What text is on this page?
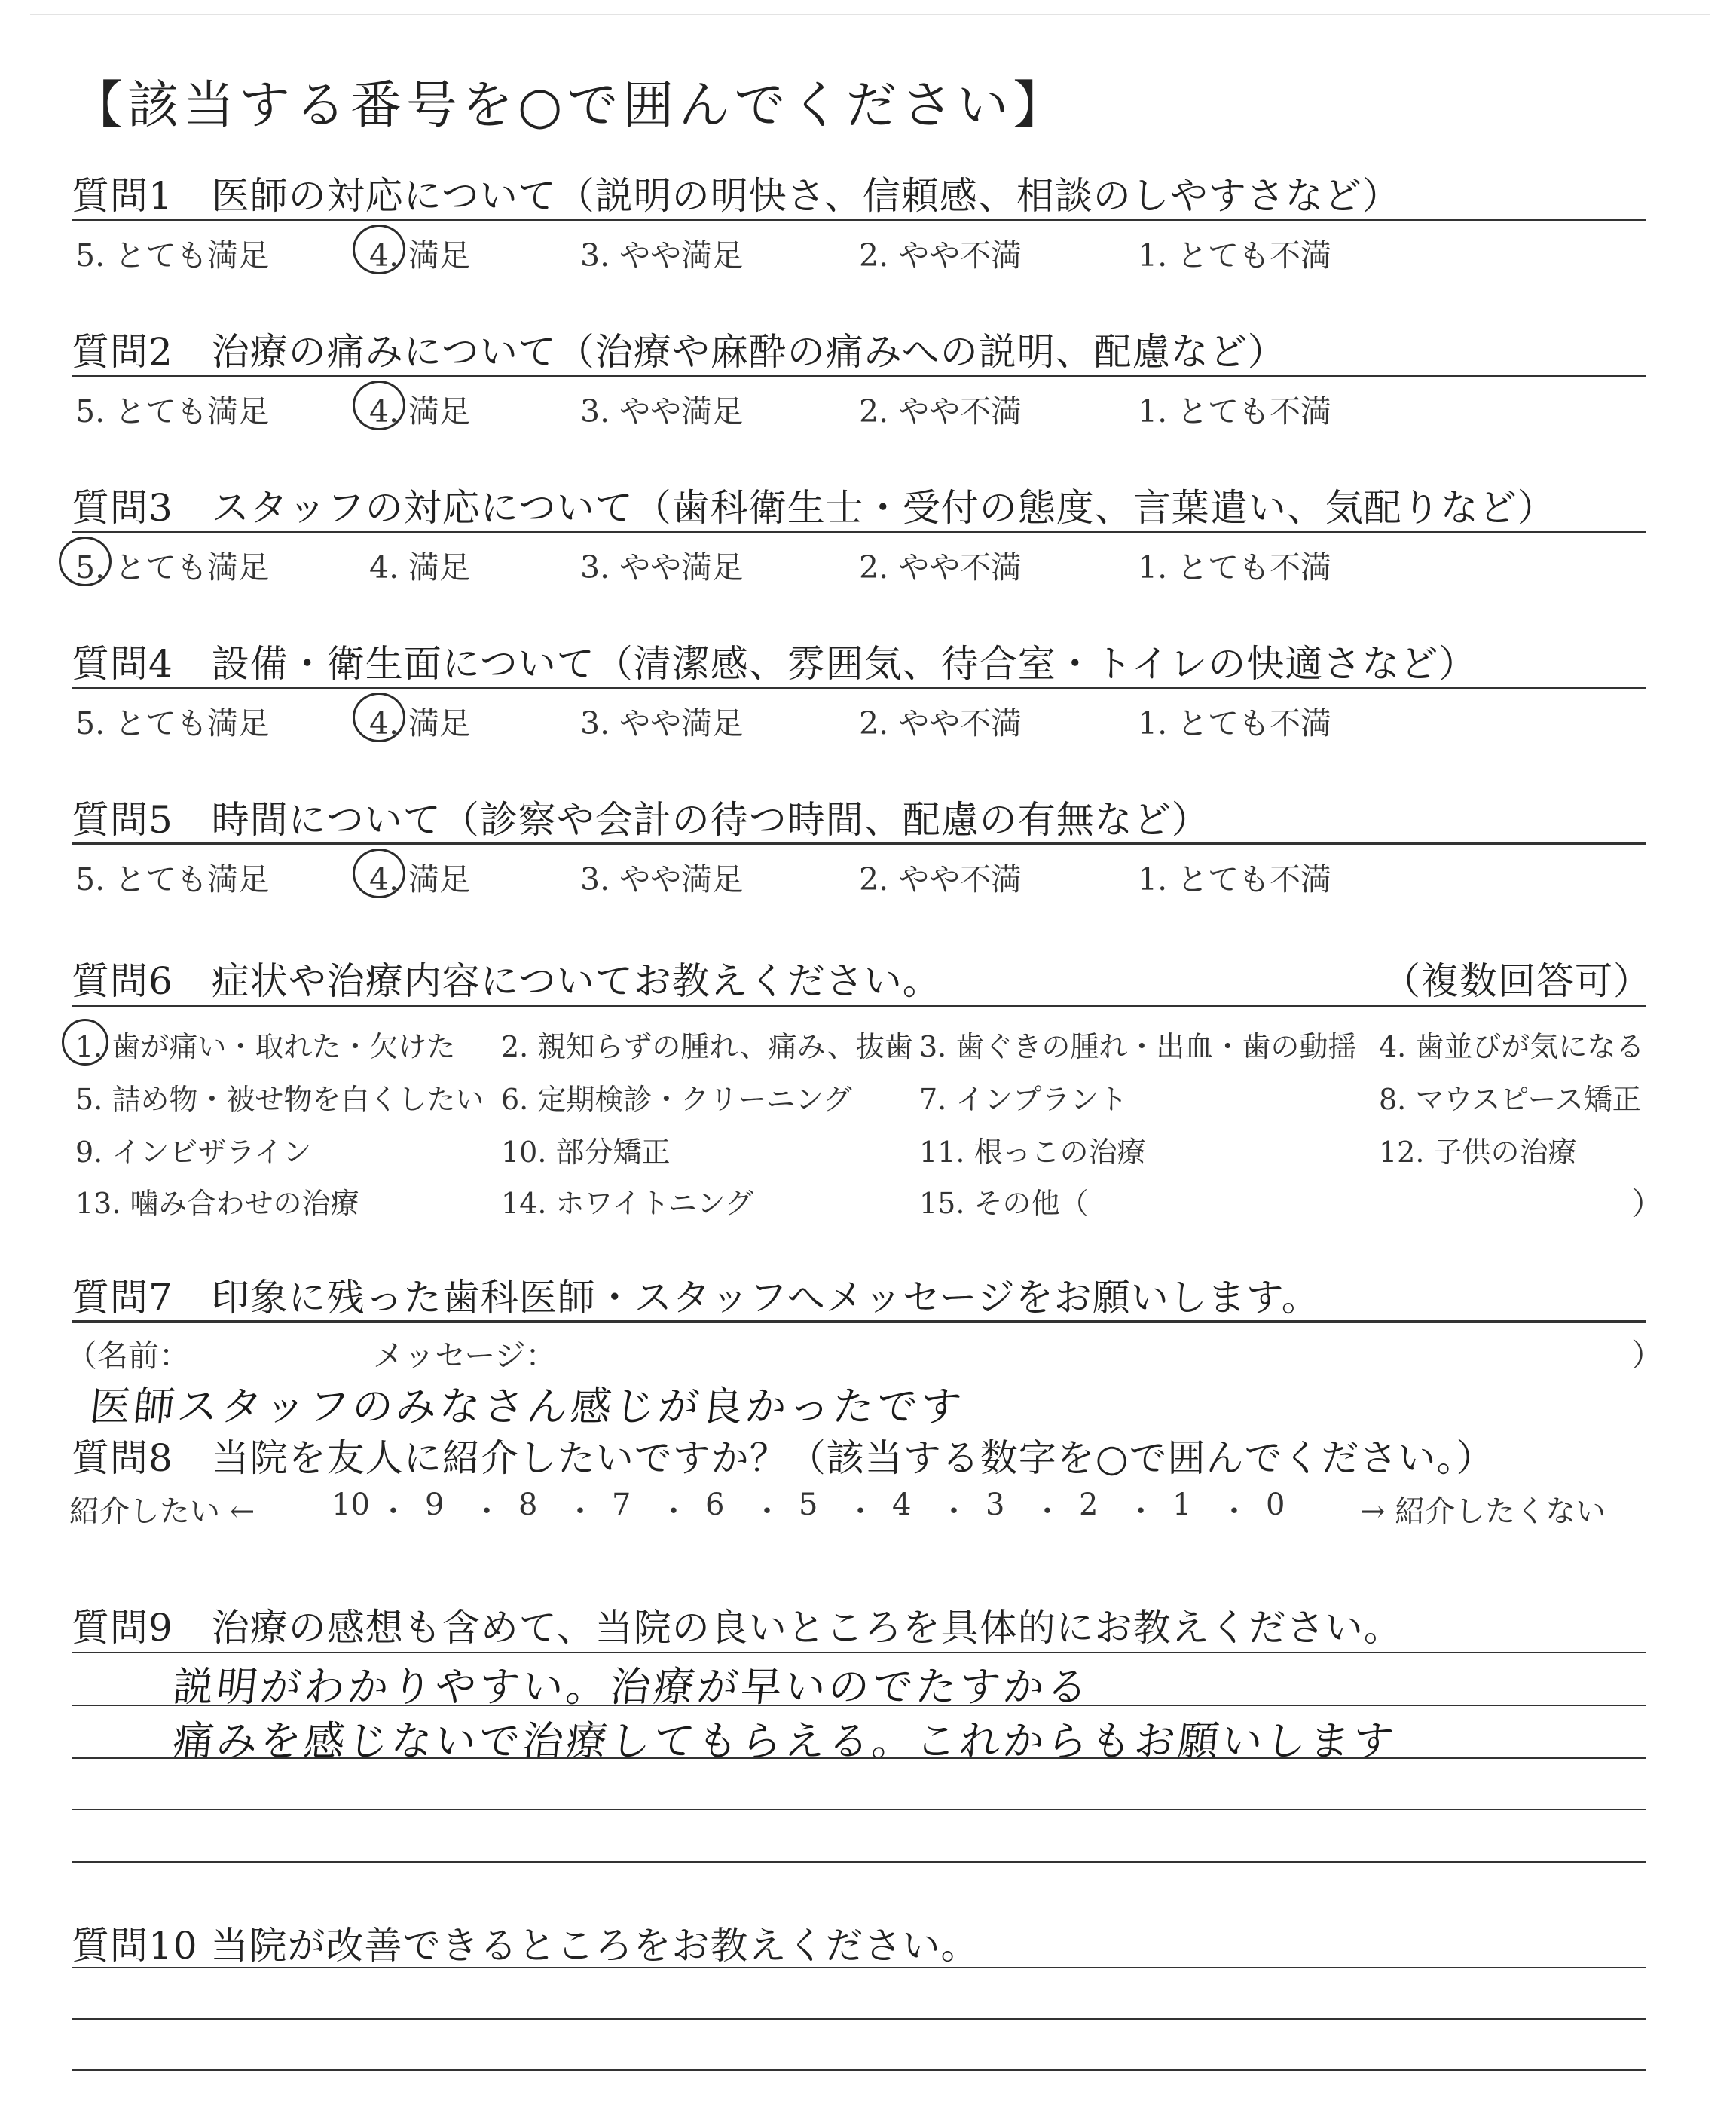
【該当する番号を○で囲んでください】
質問1　医師の対応について（説明の明快さ、信頼感、相談のしやすさなど）
5. とても満足	4. 満足	3. やや満足	2. やや不満	1. とても不満
質問2　治療の痛みについて（治療や麻酔の痛みへの説明、配慮など）
5. とても満足	4. 満足	3. やや満足	2. やや不満	1. とても不満
質問3　スタッフの対応について（歯科衛生士・受付の態度、言葉遣い、気配りなど）
5. とても満足	4. 満足	3. やや満足	2. やや不満	1. とても不満
質問4　設備・衛生面について（清潔感、雰囲気、待合室・トイレの快適さなど）
5. とても満足	4. 満足	3. やや満足	2. やや不満	1. とても不満
質問5　時間について（診察や会計の待つ時間、配慮の有無など）
5. とても満足	4. 満足	3. やや満足	2. やや不満	1. とても不満
質問6　症状や治療内容についてお教えください。	（複数回答可）
1. 歯が痛い・取れた・欠けた 2. 親知らずの腫れ、痛み、抜歯 3. 歯ぐきの腫れ・出血・歯の動揺 4. 歯並びが気になる
5. 詰め物・被せ物を白くしたい 6. 定期検診・クリーニング 7. インプラント	8. マウスピース矯正
9. インビザライン	10. 部分矯正	11. 根っこの治療	12. 子供の治療
13. 噛み合わせの治療	14. ホワイトニング	15. その他（	）
質問7　印象に残った歯科医師・スタッフへメッセージをお願いします。
（名前：	メッセージ：	）
医師スタッフのみなさん感じが良かったです
質問8　当院を友人に紹介したいですか？（該当する数字を○で囲んでください。）
紹介したい ←	10 ・ 9 ・ 8 ・ 7 ・ 6 ・ 5 ・ 4 ・ 3 ・ 2 ・ 1 ・ 0 → 紹介したくない
質問9　治療の感想も含めて、当院の良いところを具体的にお教えください。
説明がわかりやすい。治療が早いのでたすかる
痛みを感じないで治療してもらえる。これからもお願いします
質問10 当院が改善できるところをお教えください。
